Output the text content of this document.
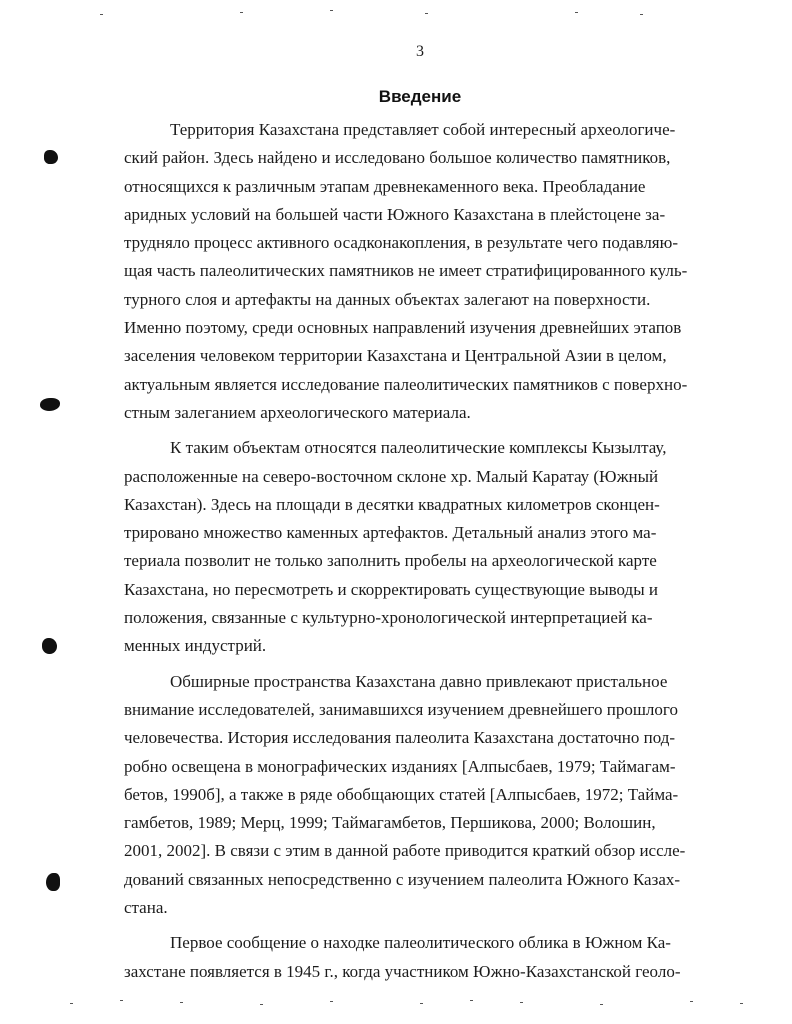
3
Введение

Территория Казахстана представляет собой интересный археологиче-
ский район. Здесь найдено и исследовано большое количество памятников,
относящихся к различным этапам древнекаменного века. Преобладание
аридных условий на большей части Южного Казахстана в плейстоцене за-
трудняло процесс активного осадконакопления, в результате чего подавляю-
щая часть палеолитических памятников не имеет стратифицированного куль-
турного слоя и артефакты на данных объектах залегают на поверхности.
Именно поэтому, среди основных направлений изучения древнейших этапов
заселения человеком территории Казахстана и Центральной Азии в целом,
актуальным является исследование палеолитических памятников с поверхно-
стным залеганием археологического материала.

К таким объектам относятся палеолитические комплексы Кызылтау,
расположенные на северо-восточном склоне хр. Малый Каратау (Южный
Казахстан). Здесь на площади в десятки квадратных километров сконцен-
трировано множество каменных артефактов. Детальный анализ этого ма-
териала позволит не только заполнить пробелы на археологической карте
Казахстана, но пересмотреть и скорректировать существующие выводы и
положения, связанные с культурно-хронологической интерпретацией ка-
менных индустрий.

Обширные пространства Казахстана давно привлекают пристальное
внимание исследователей, занимавшихся изучением древнейшего прошлого
человечества. История исследования палеолита Казахстана достаточно под-
робно освещена в монографических изданиях [Алпысбаев, 1979; Таймагам-
бетов, 1990б], а также в ряде обобщающих статей [Алпысбаев, 1972; Тайма-
гамбетов, 1989; Мерц, 1999; Таймагамбетов, Першикова, 2000; Волошин,
2001, 2002]. В связи с этим в данной работе приводится краткий обзор иссле-
дований связанных непосредственно с изучением палеолита Южного Казах-
стана.

Первое сообщение о находке палеолитического облика в Южном Ка-
захстане появляется в 1945 г., когда участником Южно-Казахстанской геоло-
